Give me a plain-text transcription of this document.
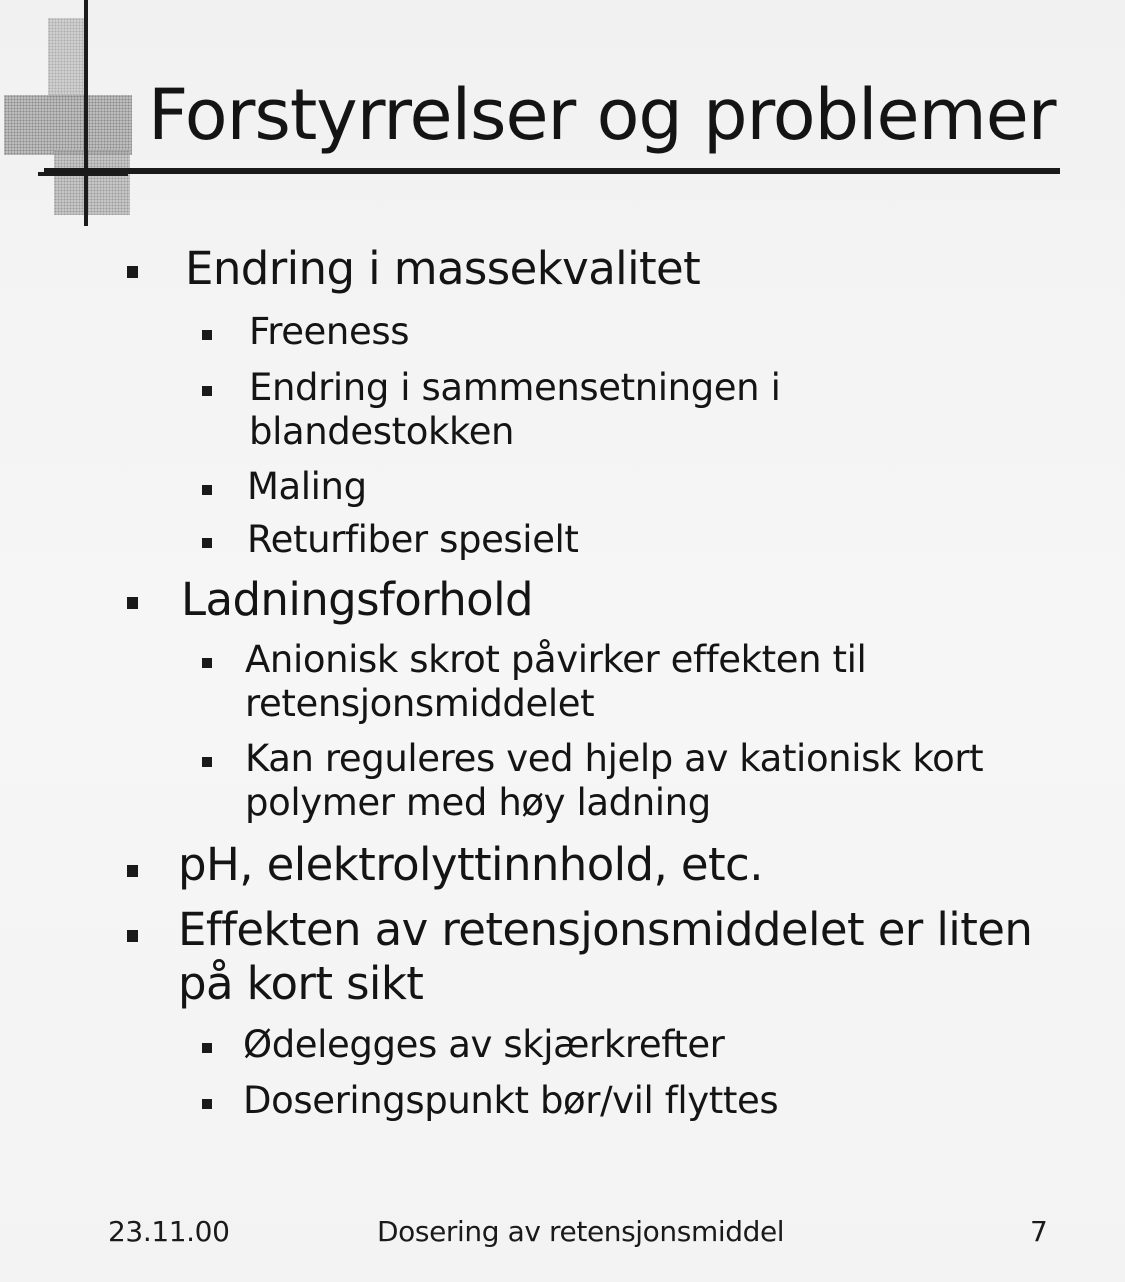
Forstyrrelser og problemer
Endring i massekvalitet
Freeness
Endring i sammensetningen i
blandestokken
Maling
Returfiber spesielt
Ladningsforhold
Anionisk skrot påvirker effekten til
retensjonsmiddelet
Kan reguleres ved hjelp av kationisk kort
polymer med høy ladning
pH, elektrolyttinnhold, etc.
Effekten av retensjonsmiddelet er liten
på kort sikt
Ødelegges av skjærkrefter
Doseringspunkt bør/vil flyttes
23.11.00	Dosering av retensjonsmiddel	7
